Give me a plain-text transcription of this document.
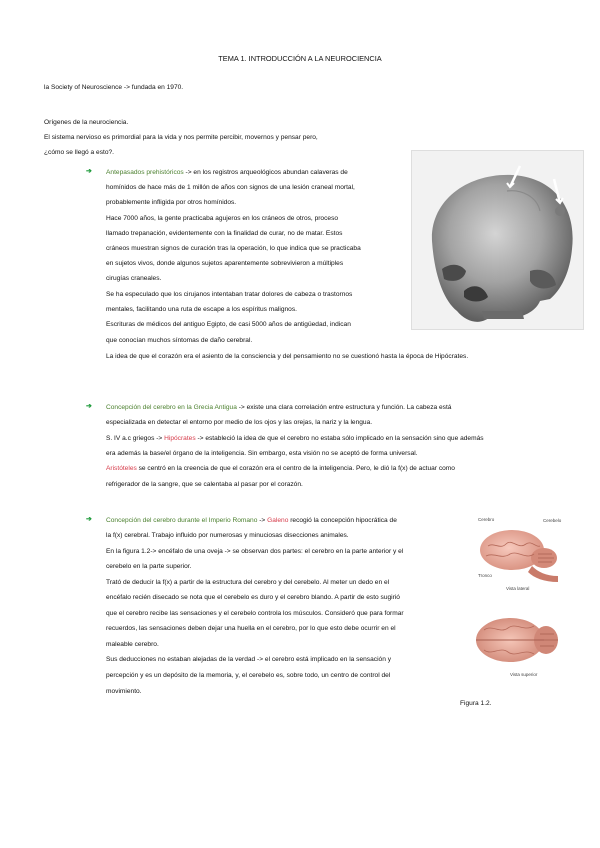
TEMA 1. INTRODUCCIÓN A LA NEUROCIENCIA
la Society of Neuroscience -> fundada en 1970.
Orígenes de la neurociencia.
El sistema nervioso es primordial para la vida y nos permite percibir, movernos y pensar pero,
¿cómo se llegó a esto?.
➔ Antepasados prehistóricos -> en los registros arqueológicos abundan calaveras de
homínidos de hace más de 1 millón de años con signos de una lesión craneal mortal,
probablemente infligida por otros homínidos.
Hace 7000 años, la gente practicaba agujeros en los cráneos de otros, proceso
llamado trepanación, evidentemente con la finalidad de curar, no de matar. Estos
cráneos muestran signos de curación tras la operación, lo que indica que se practicaba
en sujetos vivos, donde algunos sujetos aparentemente sobrevivieron a múltiples
cirugías craneales.
Se ha especulado que los cirujanos intentaban tratar dolores de cabeza o trastornos
mentales, facilitando una ruta de escape a los espíritus malignos.
Escrituras de médicos del antiguo Egipto, de casi 5000 años de antigüedad, indican
que conocían muchos síntomas de daño cerebral.
La idea de que el corazón era el asiento de la consciencia y del pensamiento no se cuestionó hasta la época de Hipócrates.
➔ Concepción del cerebro en la Grecia Antigua -> existe una clara correlación entre estructura y función. La cabeza está
especializada en detectar el entorno por medio de los ojos y las orejas, la nariz y la lengua.
S. IV a.c griegos -> Hipócrates -> estableció la idea de que el cerebro no estaba sólo implicado en la sensación sino que además
era además la base/el órgano de la inteligencia. Sin embargo, esta visión no se aceptó de forma universal.
Aristóteles se centró en la creencia de que el corazón era el centro de la inteligencia. Pero, le dió la f(x) de actuar como
refrigerador de la sangre, que se calentaba al pasar por el corazón.
➔ Concepción del cerebro durante el Imperio Romano -> Galeno recogió la concepción hipocrática de
la f(x) cerebral. Trabajo influido por numerosas y minuciosas disecciones animales.
En la figura 1.2-> encéfalo de una oveja -> se observan dos partes: el cerebro en la parte anterior y el
cerebelo en la parte superior.
Trató de deducir la f(x) a partir de la estructura del cerebro y del cerebelo. Al meter un dedo en el
encéfalo recién disecado se nota que el cerebelo es duro y el cerebro blando. A partir de esto sugirió
que el cerebro recibe las sensaciones y el cerebelo controla los músculos. Consideró que para formar
recuerdos, las sensaciones deben dejar una huella en el cerebro, por lo que esto debe ocurrir en el
maleable cerebro.
Sus deducciones no estaban alejadas de la verdad -> el cerebro está implicado en la sensación y
percepción y es un depósito de la memoria, y, el cerebelo es, sobre todo, un centro de control del
movimiento.
Cerebro	Cerebelo
Tronco
Vista lateral
Vista superior
Figura 1.2.
